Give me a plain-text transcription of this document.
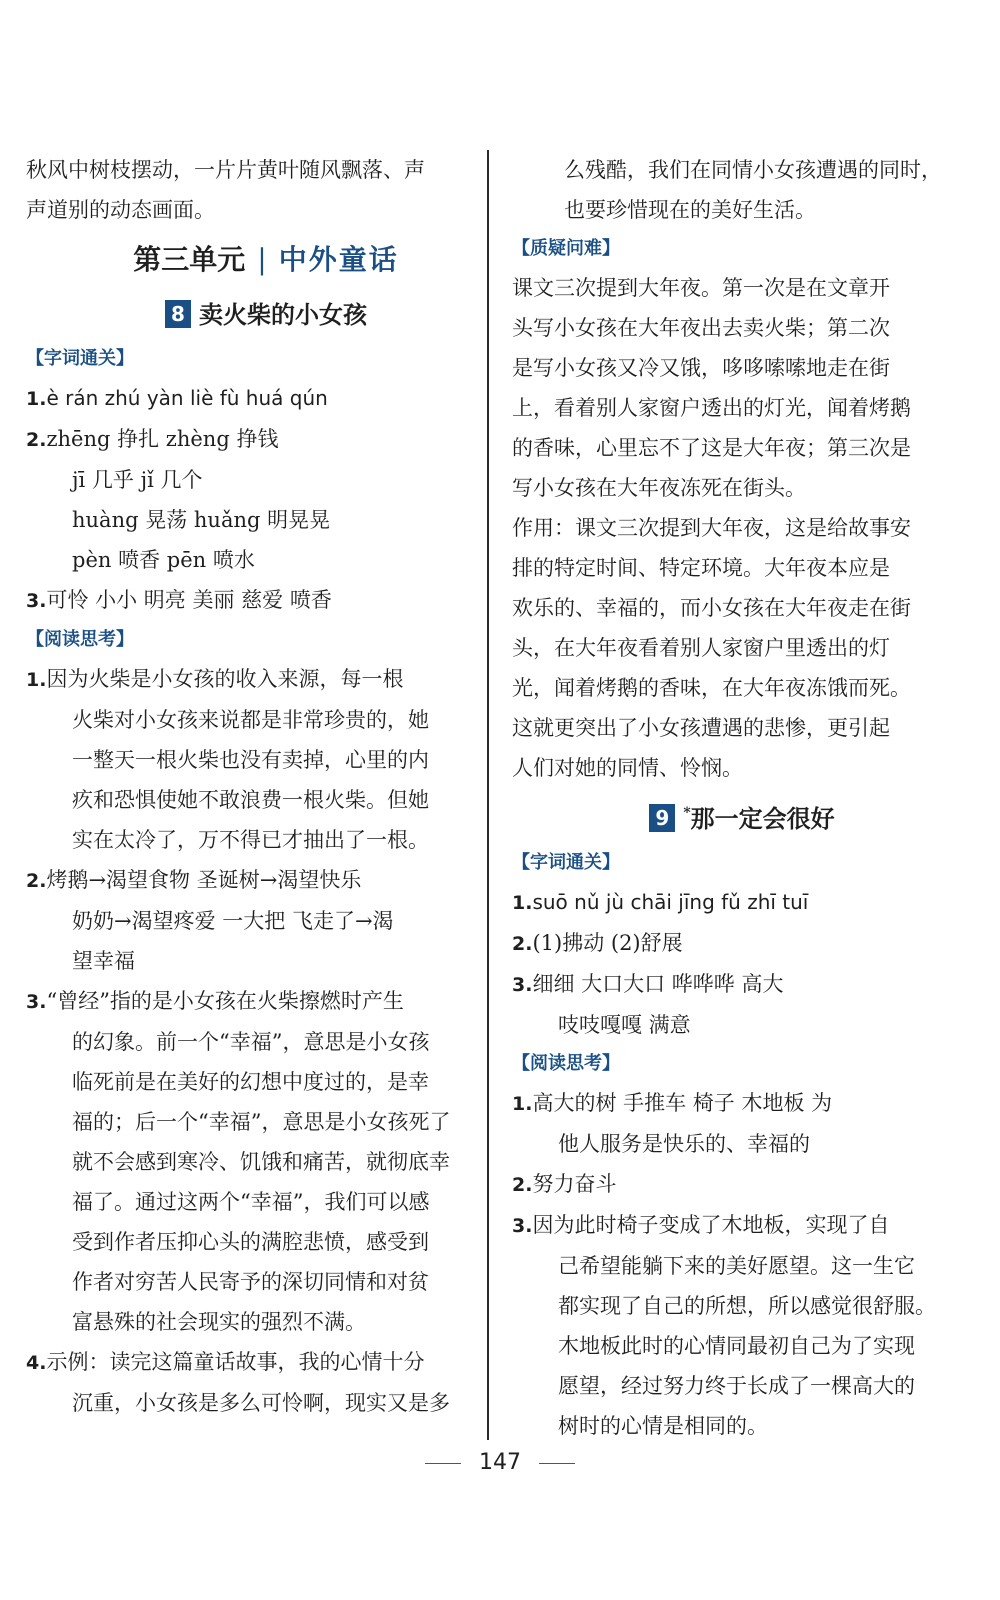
秋风中树枝摆动，一片片黄叶随风飘落、声
声道别的动态画面。
第三单元 | 中外童话
8 卖火柴的小女孩
【字词通关】
1.è rán zhú yàn liè fù huá qún
2.zhēng 挣扎 zhèng 挣钱
jī 几乎 jǐ 几个
huàng 晃荡 huǎng 明晃晃
pèn 喷香 pēn 喷水
3.可怜 小小 明亮 美丽 慈爱 喷香
【阅读思考】
1.因为火柴是小女孩的收入来源，每一根
火柴对小女孩来说都是非常珍贵的，她
一整天一根火柴也没有卖掉，心里的内
疚和恐惧使她不敢浪费一根火柴。但她
实在太冷了，万不得已才抽出了一根。
2.烤鹅→渴望食物 圣诞树→渴望快乐
奶奶→渴望疼爱 一大把 飞走了→渴
望幸福
3.“曾经”指的是小女孩在火柴擦燃时产生
的幻象。前一个“幸福”，意思是小女孩
临死前是在美好的幻想中度过的，是幸
福的；后一个“幸福”，意思是小女孩死了
就不会感到寒冷、饥饿和痛苦，就彻底幸
福了。通过这两个“幸福”，我们可以感
受到作者压抑心头的满腔悲愤，感受到
作者对穷苦人民寄予的深切同情和对贫
富悬殊的社会现实的强烈不满。
4.示例：读完这篇童话故事，我的心情十分
沉重，小女孩是多么可怜啊，现实又是多
么残酷，我们在同情小女孩遭遇的同时，
也要珍惜现在的美好生活。
【质疑问难】
课文三次提到大年夜。第一次是在文章开
头写小女孩在大年夜出去卖火柴；第二次
是写小女孩又冷又饿，哆哆嗦嗦地走在街
上，看着别人家窗户透出的灯光，闻着烤鹅
的香味，心里忘不了这是大年夜；第三次是
写小女孩在大年夜冻死在街头。
作用：课文三次提到大年夜，这是给故事安
排的特定时间、特定环境。大年夜本应是
欢乐的、幸福的，而小女孩在大年夜走在街
头，在大年夜看着别人家窗户里透出的灯
光，闻着烤鹅的香味，在大年夜冻饿而死。
这就更突出了小女孩遭遇的悲惨，更引起
人们对她的同情、怜悯。
9 *那一定会很好
【字词通关】
1.suō nǔ jù chāi jīng fǔ zhī tuī
2.(1)拂动 (2)舒展
3.细细 大口大口 哗哗哗 高大
吱吱嘎嘎 满意
【阅读思考】
1.高大的树 手推车 椅子 木地板 为
他人服务是快乐的、幸福的
2.努力奋斗
3.因为此时椅子变成了木地板，实现了自
己希望能躺下来的美好愿望。这一生它
都实现了自己的所想，所以感觉很舒服。
木地板此时的心情同最初自己为了实现
愿望，经过努力终于长成了一棵高大的
树时的心情是相同的。
147
